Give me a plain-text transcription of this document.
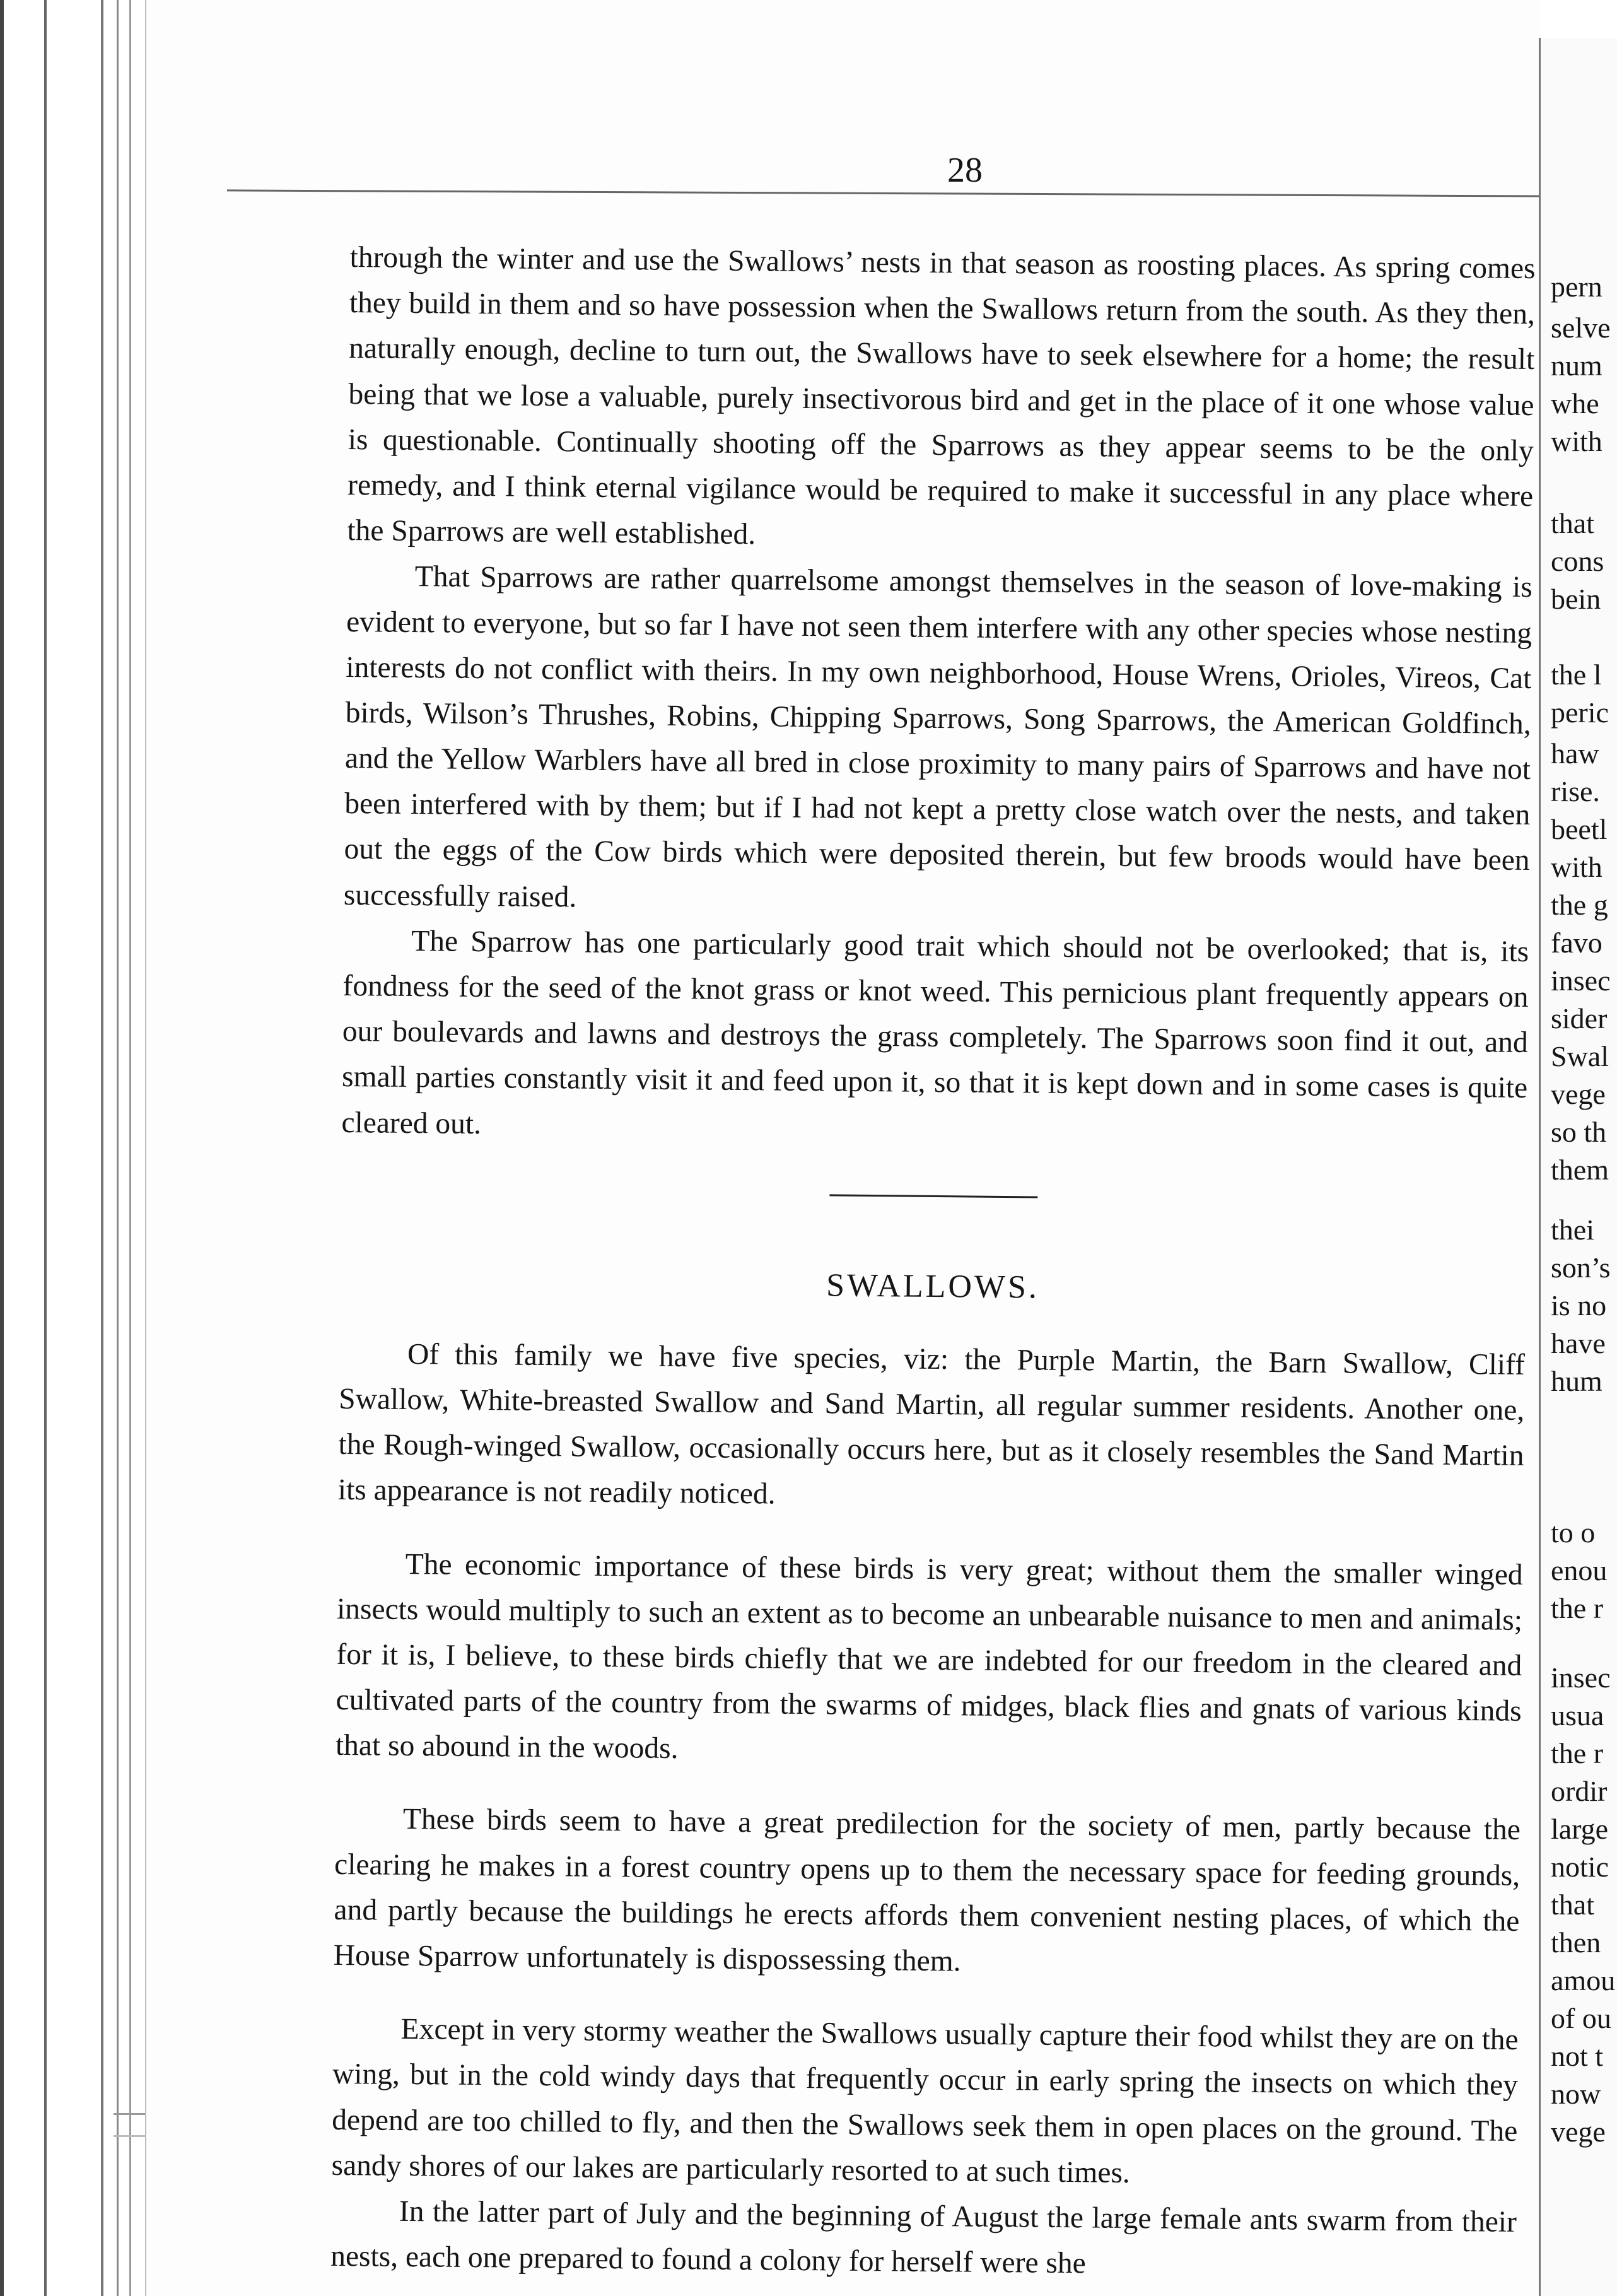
28

through the winter and use the Swallows’ nests in that season as roosting places. As spring comes they build in them and so have possession when the Swallows return from the south. As they then, naturally enough, decline to turn out, the Swallows have to seek elsewhere for a home; the result being that we lose a valuable, purely insectivorous bird and get in the place of it one whose value is questionable. Continually shooting off the Sparrows as they appear seems to be the only remedy, and I think eternal vigilance would be required to make it successful in any place where the Sparrows are well established.

That Sparrows are rather quarrelsome amongst themselves in the season of love-making is evident to everyone, but so far I have not seen them interfere with any other species whose nesting interests do not conflict with theirs. In my own neighborhood, House Wrens, Orioles, Vireos, Cat birds, Wilson’s Thrushes, Robins, Chipping Sparrows, Song Sparrows, the American Goldfinch, and the Yellow Warblers have all bred in close proximity to many pairs of Sparrows and have not been interfered with by them; but if I had not kept a pretty close watch over the nests, and taken out the eggs of the Cow birds which were deposited therein, but few broods would have been successfully raised.

The Sparrow has one particularly good trait which should not be overlooked; that is, its fondness for the seed of the knot grass or knot weed. This pernicious plant frequently appears on our boulevards and lawns and destroys the grass completely. The Sparrows soon find it out, and small parties constantly visit it and feed upon it, so that it is kept down and in some cases is quite cleared out.

SWALLOWS.

Of this family we have five species, viz: the Purple Martin, the Barn Swallow, Cliff Swallow, White-breasted Swallow and Sand Martin, all regular summer residents. Another one, the Rough-winged Swallow, occasionally occurs here, but as it closely resembles the Sand Martin its appearance is not readily noticed.

The economic importance of these birds is very great; without them the smaller winged insects would multiply to such an extent as to become an unbearable nuisance to men and animals; for it is, I believe, to these birds chiefly that we are indebted for our freedom in the cleared and cultivated parts of the country from the swarms of midges, black flies and gnats of various kinds that so abound in the woods.

These birds seem to have a great predilection for the society of men, partly because the clearing he makes in a forest country opens up to them the necessary space for feeding grounds, and partly because the buildings he erects affords them convenient nesting places, of which the House Sparrow unfortunately is dispossessing them.

Except in very stormy weather the Swallows usually capture their food whilst they are on the wing, but in the cold windy days that frequently occur in early spring the insects on which they depend are too chilled to fly, and then the Swallows seek them in open places on the ground. The sandy shores of our lakes are particularly resorted to at such times.

In the latter part of July and the beginning of August the large female ants swarm from their nests, each one prepared to found a colony for herself were she

pern
selve
num
whe
with
that
cons
bein
the l
peric
haw
rise.
beetl
with
the g
favo
insec
sider
Swal
vege
so th
them
thei
son’s
is no
have
hum
to o
enou
the r
insec
usua
the r
ordir
large
notic
that
then
amou
of ou
not t
now
vege
